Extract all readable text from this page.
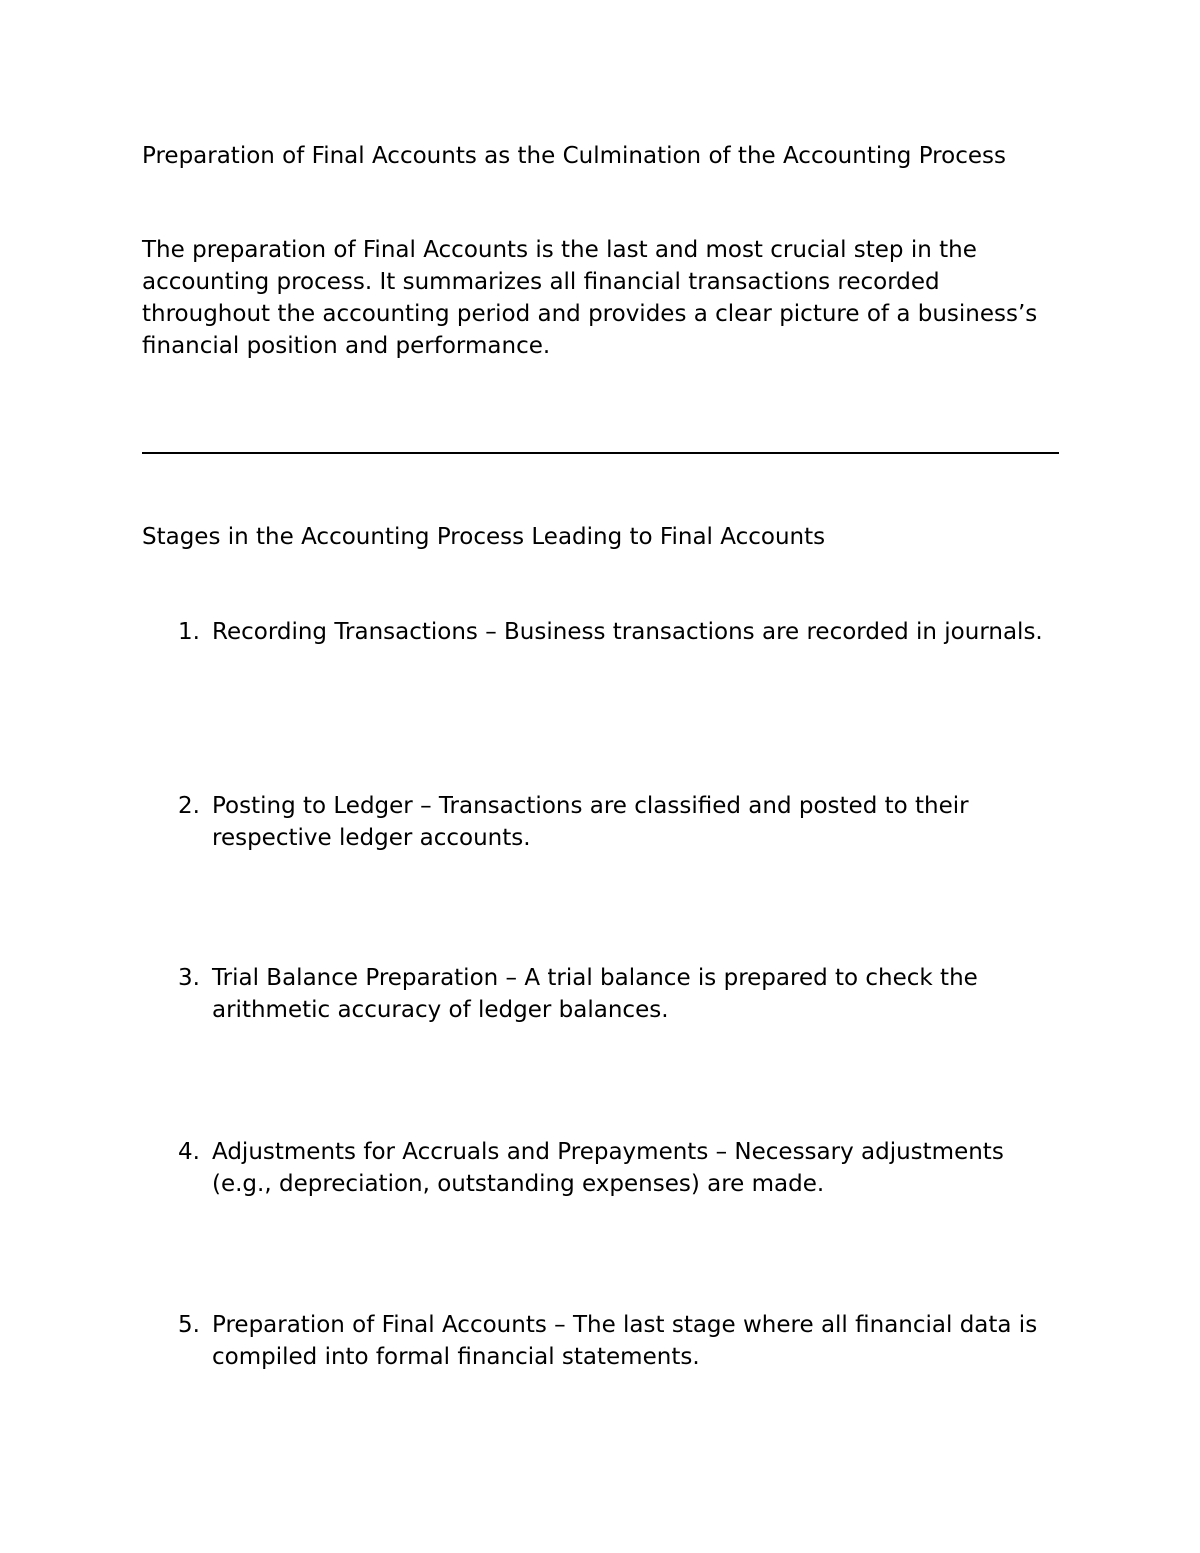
Preparation of Final Accounts as the Culmination of the Accounting Process

The preparation of Final Accounts is the last and most crucial step in the accounting process. It summarizes all financial transactions recorded throughout the accounting period and provides a clear picture of a business’s financial position and performance.

Stages in the Accounting Process Leading to Final Accounts

1. Recording Transactions – Business transactions are recorded in journals.
2. Posting to Ledger – Transactions are classified and posted to their respective ledger accounts.
3. Trial Balance Preparation – A trial balance is prepared to check the arithmetic accuracy of ledger balances.
4. Adjustments for Accruals and Prepayments – Necessary adjustments (e.g., depreciation, outstanding expenses) are made.
5. Preparation of Final Accounts – The last stage where all financial data is compiled into formal financial statements.
